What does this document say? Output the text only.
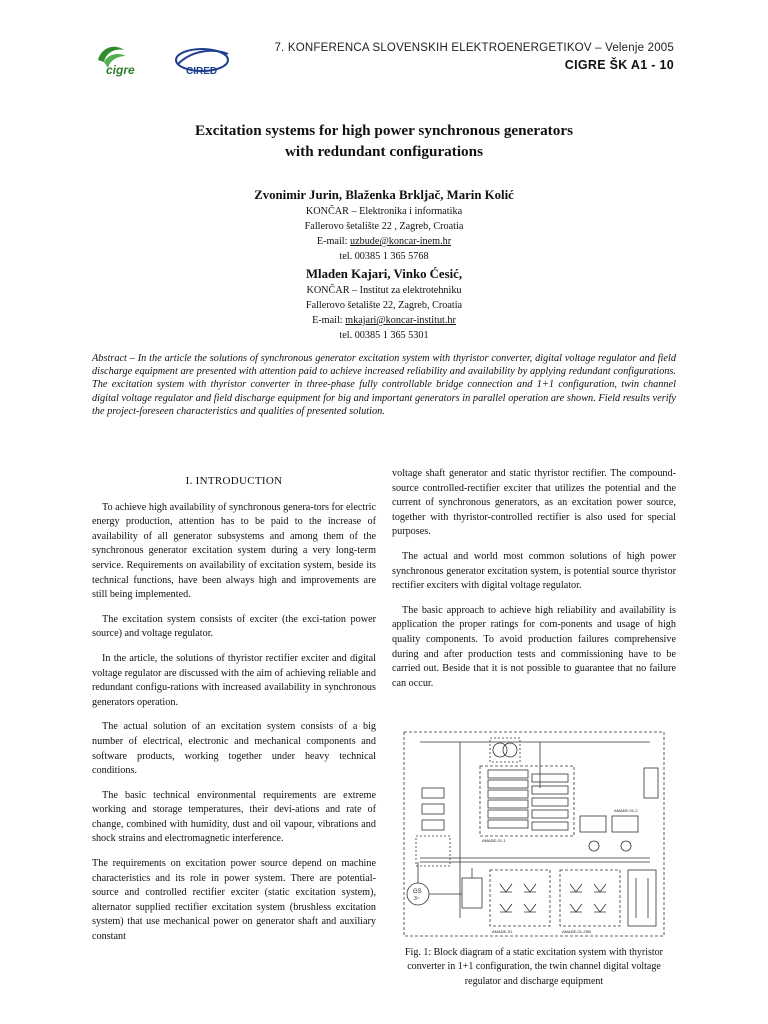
cigre	CIRED
7. KONFERENCA SLOVENSKIH ELEKTROENERGETIKOV – Velenje 2005
CIGRE ŠK A1 - 10
Excitation systems for high power synchronous generators
with redundant configurations
Zvonimir Jurin, Blaženka Brkljač, Marin Kolić
KONČAR – Elektronika i informatika
Fallerovo šetalište 22 , Zagreb, Croatia
E-mail: uzbude@koncar-inem.hr
tel. 00385 1 365 5768
Mladen Kajari, Vinko Ćesić,
KONČAR – Institut za elektrotehniku
Fallerovo šetalište 22, Zagreb, Croatia
E-mail: mkajari@koncar-institut.hr
tel. 00385 1 365 5301
Abstract – In the article the solutions of synchronous generator excitation system with thyristor converter, digital voltage regulator and field discharge equipment are presented with attention paid to achieve increased reliability and availability by applying redundant configurations. The excitation system with thyristor converter in three-phase fully controllable bridge connection and 1+1 configuration, twin channel digital voltage regulator and field discharge equipment for big and important generators in parallel operation are shown. Field results verify the project-foreseen characteristics and qualities of presented solution.
I. INTRODUCTION

To achieve high availability of synchronous genera-tors for electric energy production, attention has to be paid to the increase of availability of all generator subsystems and among them of the synchronous generator excitation system during a very long-term service. Requirements on availability of excitation system, beside its technical functions, have been always high and improvements are still being implemented.

The excitation system consists of exciter (the exci-tation power source) and voltage regulator.

In the article, the solutions of thyristor rectifier exciter and digital voltage regulator are discussed with the aim of achieving reliable and redundant configu-rations with increased availability in synchronous generators operation.

The actual solution of an excitation system consists of a big number of electrical, electronic and mechanical components and software products, working together under heavy technical conditions.

The basic technical environmental requirements are extreme working and storage temperatures, their devi-ations and rate of change, combined with humidity, dust and oil vapour, vibrations and shock strains and electromagnetic interference.

The requirements on excitation power source depend on machine characteristics and its role in power system. There are potential-source and controlled rectifier exciter (static excitation system), alternator supplied rectifier excitation system (brushless excitation system) that use mechanical power on generator shaft and auxiliary constant

voltage shaft generator and static thyristor rectifier. The compound-source controlled-rectifier exciter that utilizes the potential and the current of synchronous generators, as an excitation power source, together with thyristor-controlled rectifier is also used for special purposes.

The actual and world most common solutions of high power synchronous generator excitation system, is potential source thyristor rectifier exciters with digital voltage regulator.

The basic approach to achieve high reliability and availability is application the proper ratings for com-ponents and usage of high quality components. To avoid production failures comprehensive during and after production tests and commissioning have to be carried out. Beside that it is not possible to guarantee that no failure can occur.

GS
3~
AMADE-01-1
AMADE-S1	AMADE-01-2SB
AMADE-01-2
Fig. 1: Block diagram of a static excitation system with thyristor converter in 1+1 configuration, the twin channel digital voltage regulator and discharge equipment
